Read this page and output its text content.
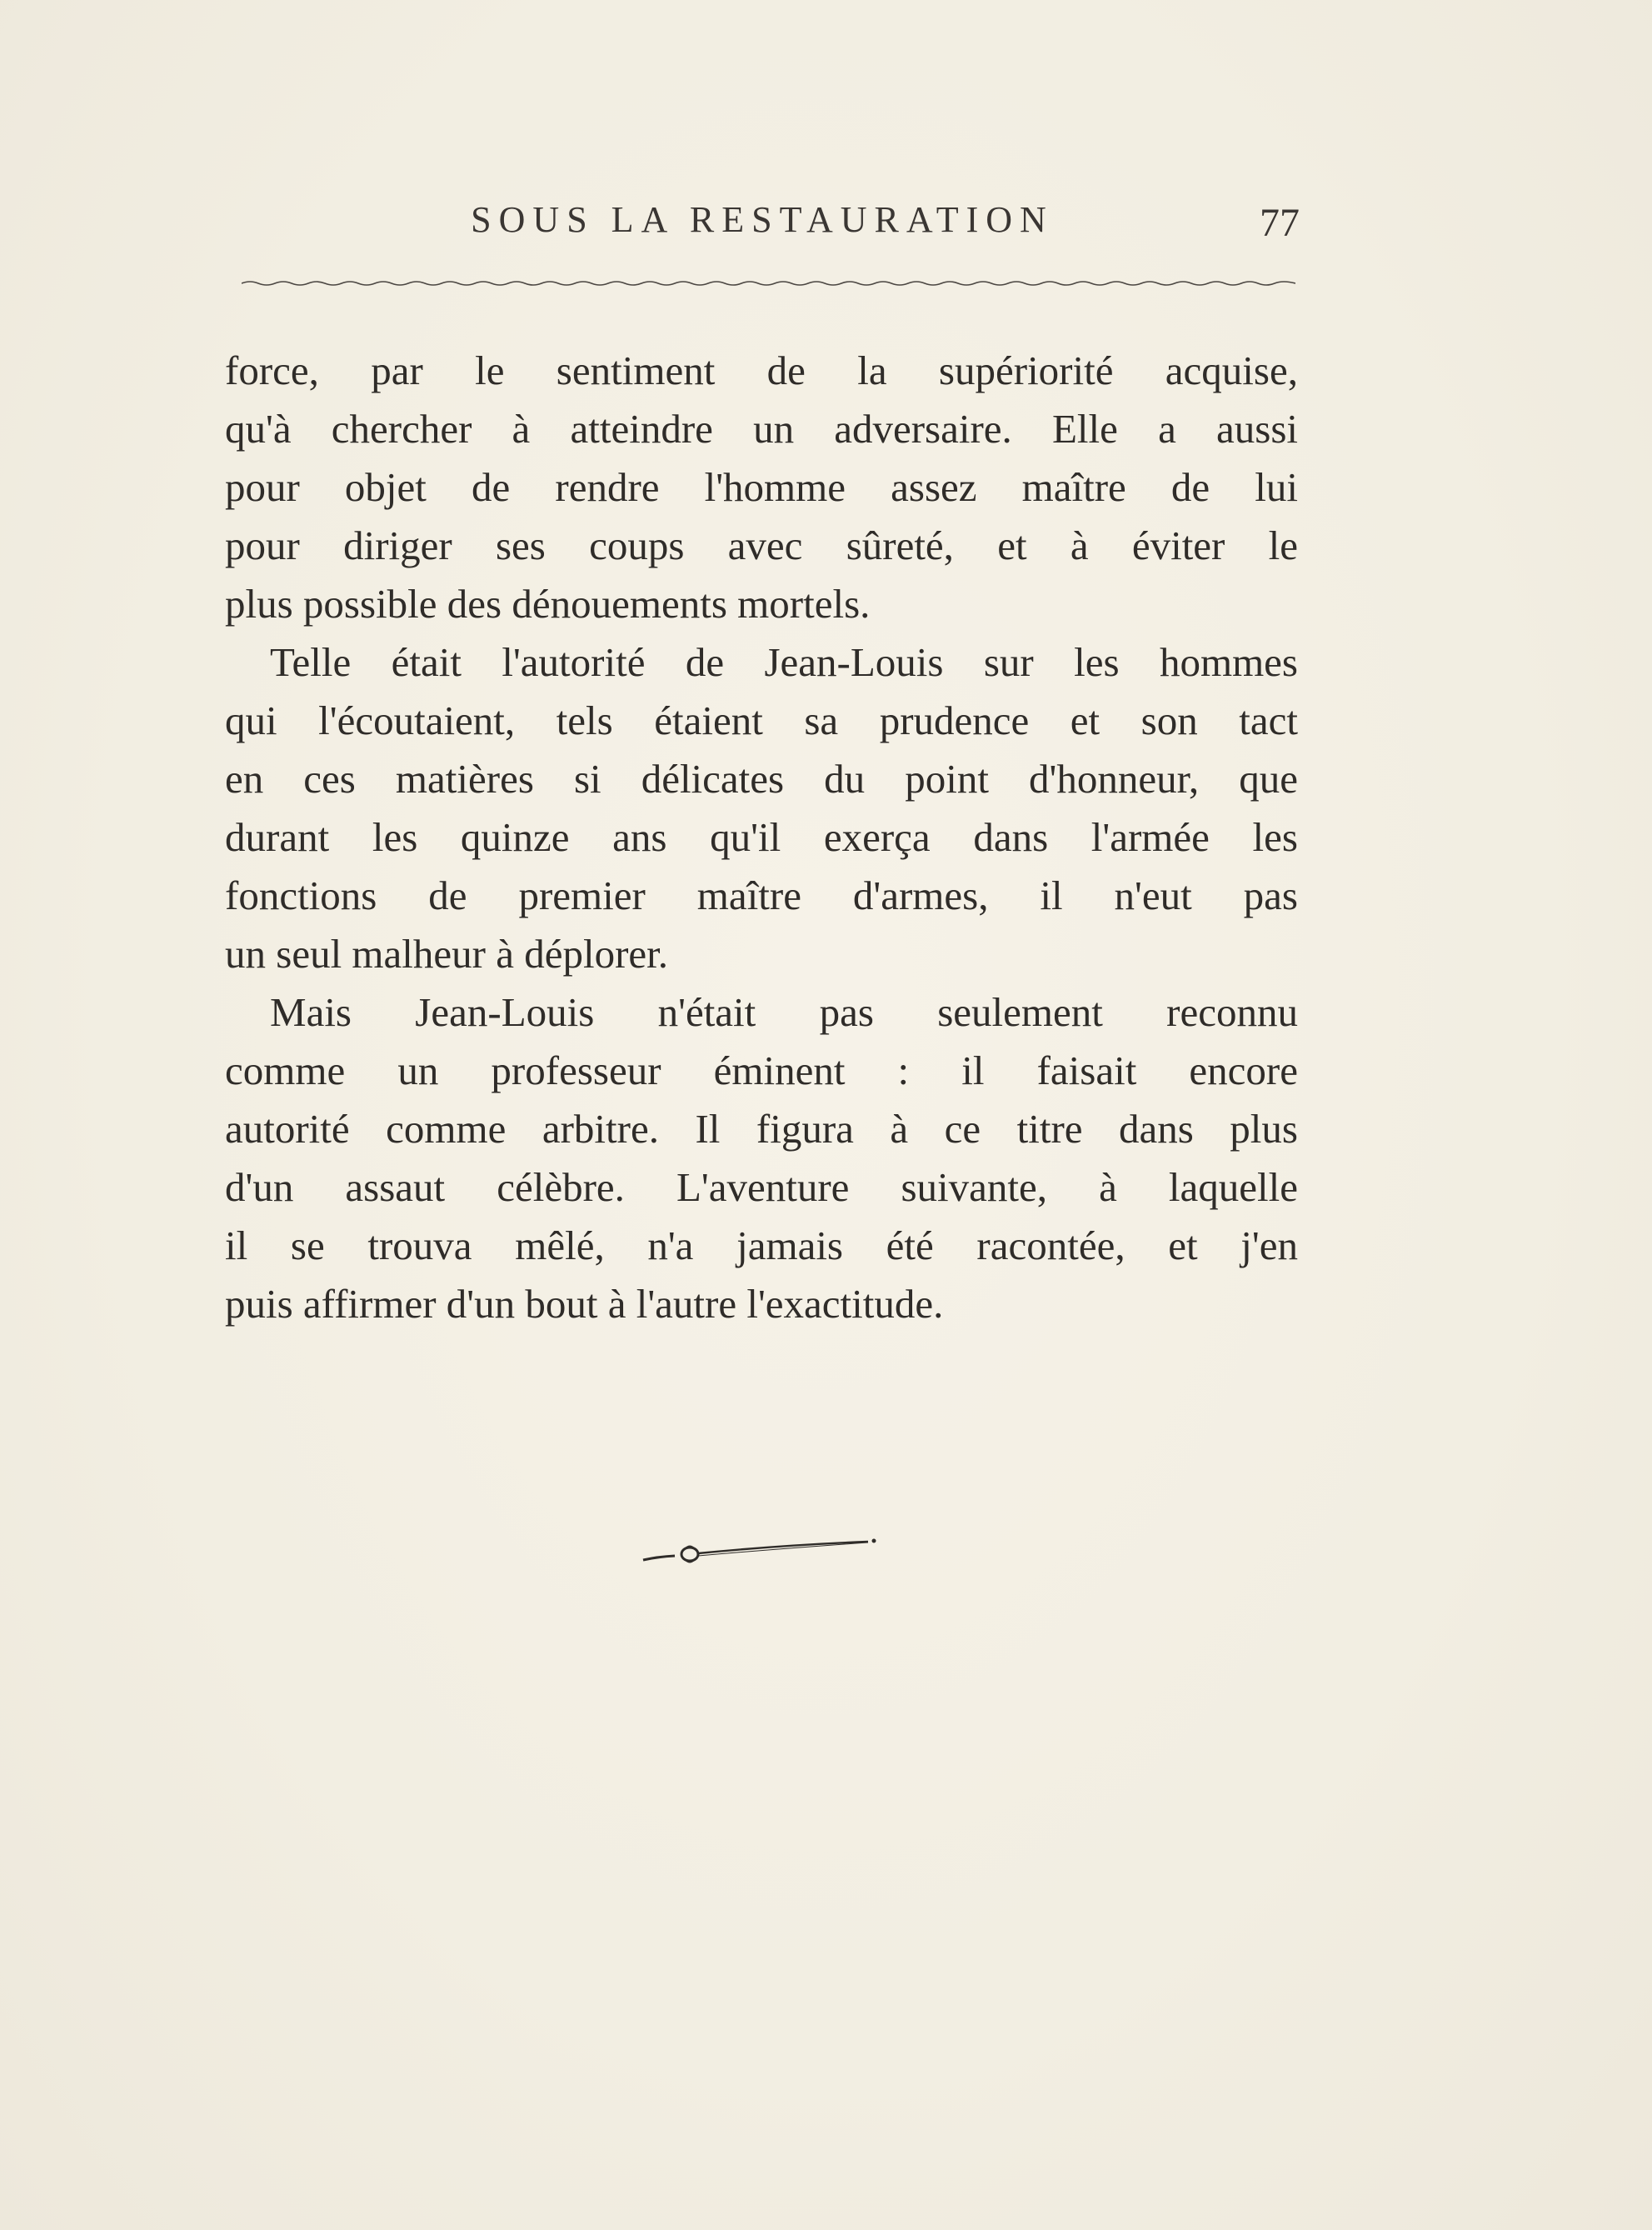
SOUS LA RESTAURATION	77

force, par le sentiment de la supériorité acquise,
qu'à chercher à atteindre un adversaire. Elle a aussi
pour objet de rendre l'homme assez maître de lui
pour diriger ses coups avec sûreté, et à éviter le
plus possible des dénouements mortels.

Telle était l'autorité de Jean-Louis sur les hommes
qui l'écoutaient, tels étaient sa prudence et son tact
en ces matières si délicates du point d'honneur, que
durant les quinze ans qu'il exerça dans l'armée les
fonctions de premier maître d'armes, il n'eut pas
un seul malheur à déplorer.

Mais Jean-Louis n'était pas seulement reconnu
comme un professeur éminent : il faisait encore
autorité comme arbitre. Il figura à ce titre dans plus
d'un assaut célèbre. L'aventure suivante, à laquelle
il se trouva mêlé, n'a jamais été racontée, et j'en
puis affirmer d'un bout à l'autre l'exactitude.
